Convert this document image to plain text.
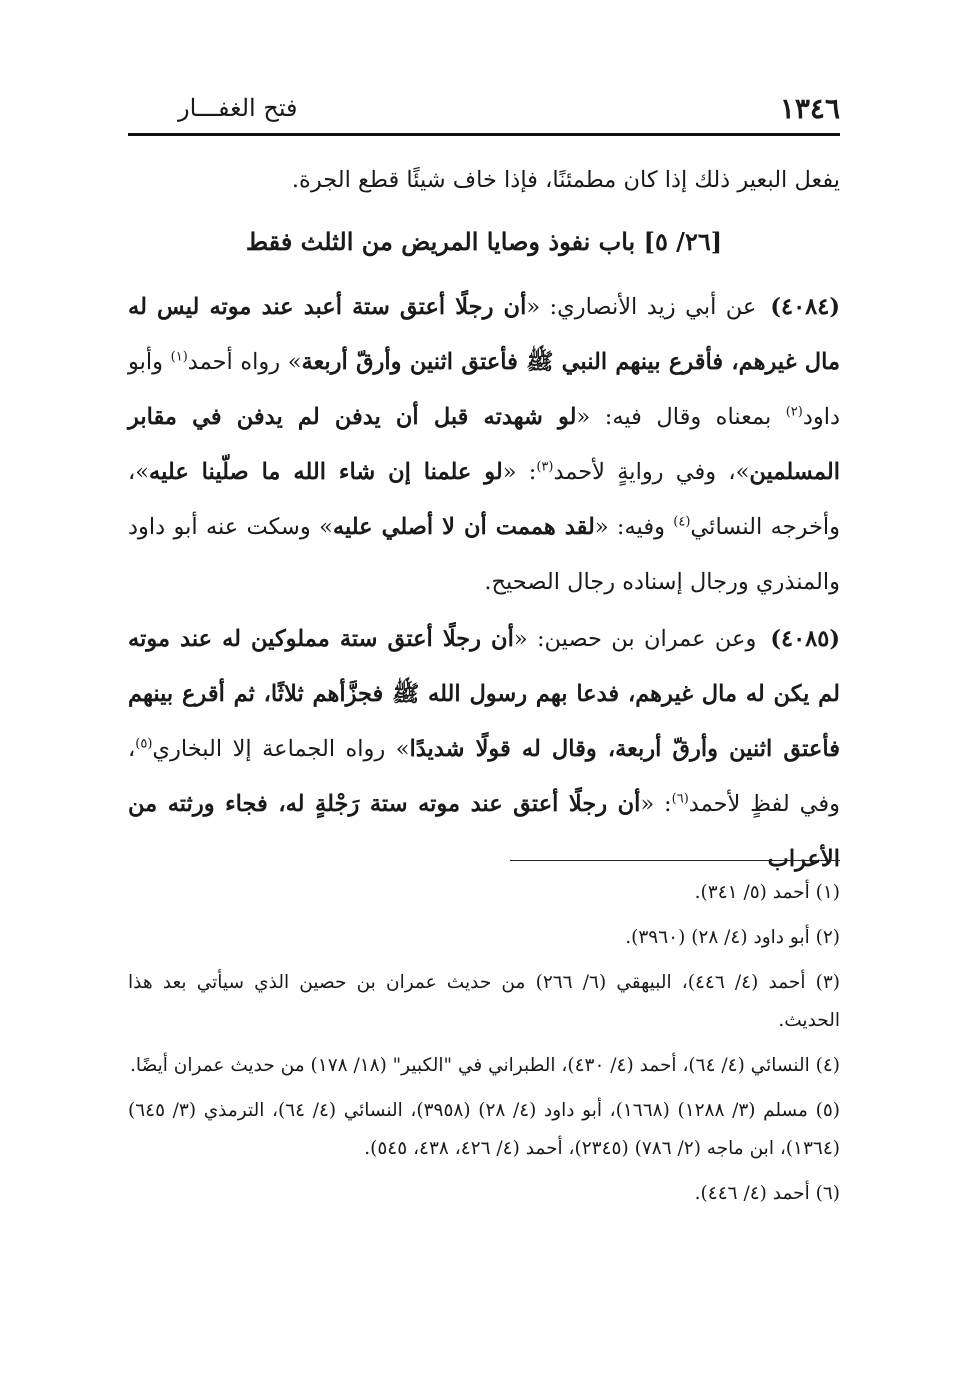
١٣٤٦
فتح الغفـــار
يفعل البعير ذلك إذا كان مطمئنًا، فإذا خاف شيئًا قطع الجرة.
[٢٦/ ٥] باب نفوذ وصايا المريض من الثلث فقط
(٤٠٨٤)عن أبي زيد الأنصاري: «أن رجلًا أعتق ستة أعبد عند موته ليس له مال غيرهم، فأقرع بينهم النبي ﷺ فأعتق اثنين وأرقّ أربعة» رواه أحمد$^{(١)}$ وأبو داود$^{(٢)}$ بمعناه وقال فيه: «لو شهدته قبل أن يدفن لم يدفن في مقابر المسلمين»، وفي روايةٍ لأحمد$^{(٣)}$: «لو علمنا إن شاء الله ما صلّينا عليه»، وأخرجه النسائي$^{(٤)}$ وفيه: «لقد هممت أن لا أصلي عليه» وسكت عنه أبو داود والمنذري ورجال إسناده رجال الصحيح.
(٤٠٨٥)وعن عمران بن حصين: «أن رجلًا أعتق ستة مملوكين له عند موته لم يكن له مال غيرهم، فدعا بهم رسول الله ﷺ فجزَّأهم ثلاثًا، ثم أقرع بينهم فأعتق اثنين وأرقّ أربعة، وقال له قولًا شديدًا» رواه الجماعة إلا البخاري$^{(٥)}$، وفي لفظٍ لأحمد$^{(٦)}$: «أن رجلًا أعتق عند موته ستة رَجْلةٍ له، فجاء ورثته من الأعراب

(١) أحمد (٥/ ٣٤١).

(٢) أبو داود (٤/ ٢٨) (٣٩٦٠).

(٣) أحمد (٤/ ٤٤٦)، البيهقي (٦/ ٢٦٦) من حديث عمران بن حصين الذي سيأتي بعد هذا الحديث.

(٤) النسائي (٤/ ٦٤)، أحمد (٤/ ٤٣٠)، الطبراني في "الكبير" (١٨/ ١٧٨) من حديث عمران أيضًا.

(٥) مسلم (٣/ ١٢٨٨) (١٦٦٨)، أبو داود (٤/ ٢٨) (٣٩٥٨)، النسائي (٤/ ٦٤)، الترمذي (٣/ ٦٤٥) (١٣٦٤)، ابن ماجه (٢/ ٧٨٦) (٢٣٤٥)، أحمد (٤/ ٤٢٦، ٤٣٨، ٥٤٥).

(٦) أحمد (٤/ ٤٤٦).
